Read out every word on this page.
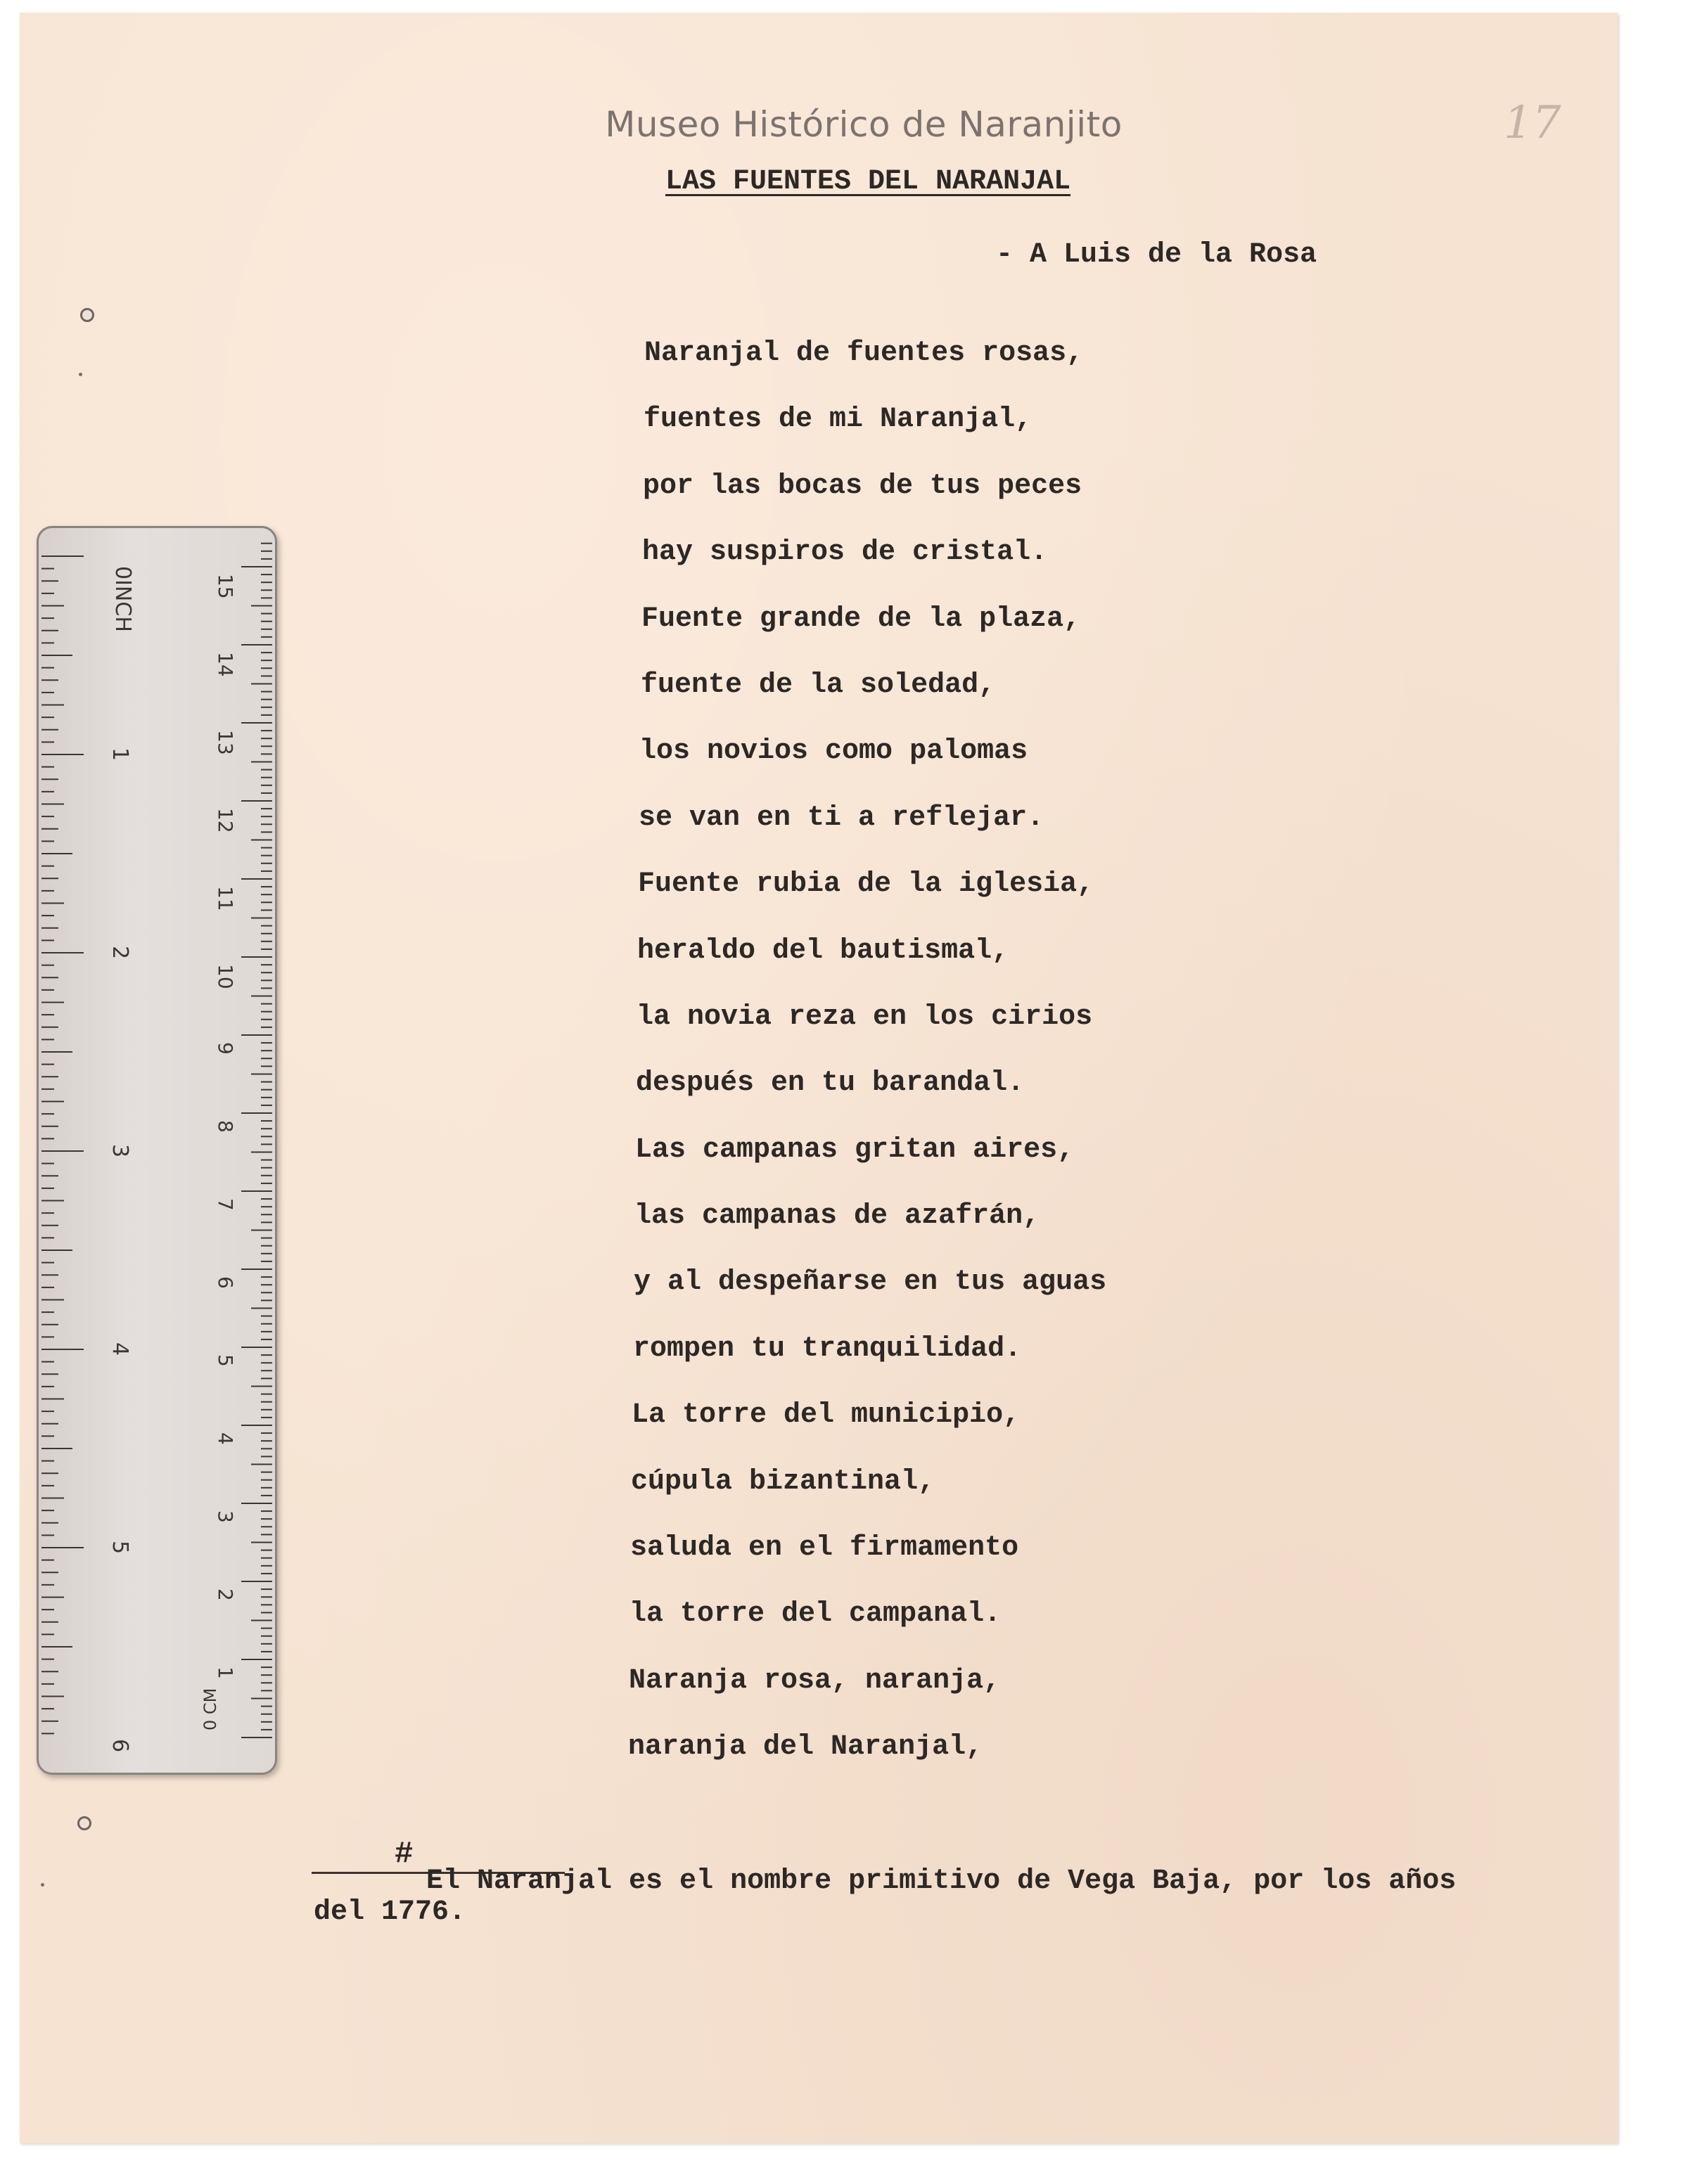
Museo Histórico de Naranjito	17
LAS FUENTES DEL NARANJAL
- A Luis de la Rosa
Naranjal de fuentes rosas,
fuentes de mi Naranjal,
por las bocas de tus peces
hay suspiros de cristal.
Fuente grande de la plaza,
fuente de la soledad,
los novios como palomas
se van en ti a reflejar.
Fuente rubia de la iglesia,
heraldo del bautismal,
la novia reza en los cirios
después en tu barandal.
Las campanas gritan aires,
las campanas de azafrán,
y al despeñarse en tus aguas
rompen tu tranquilidad.
La torre del municipio,
cúpula bizantinal,
saluda en el firmamento
la torre del campanal.
Naranja rosa, naranja,
naranja del Naranjal,
#
El Naranjal es el nombre primitivo de Vega Baja, por los años
del 1776.
0INCH
1
2
3
4
5
6
0 CM
1
2
3
4
5
6
7
8
9
10
11
12
13
14
15
